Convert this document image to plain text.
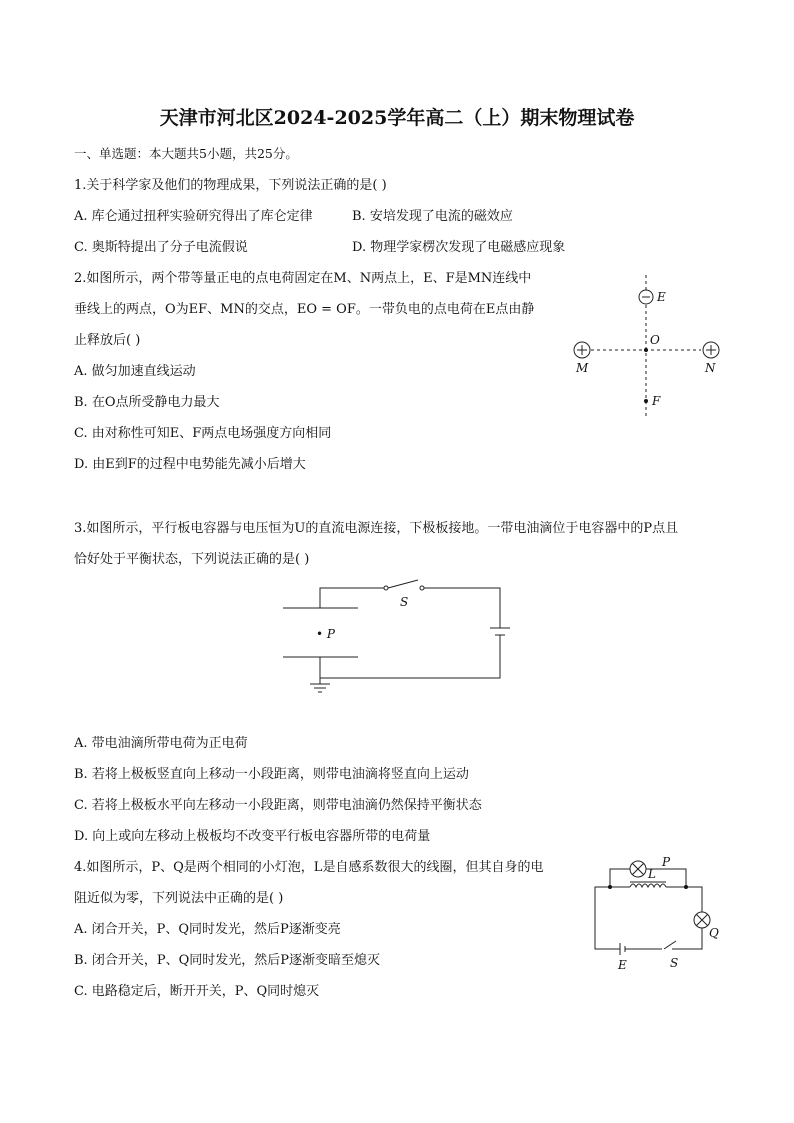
天津市河北区2024-2025学年高二（上）期末物理试卷
一、单选题：本大题共5小题，共25分。
1.关于科学家及他们的物理成果，下列说法正确的是( )
A. 库仑通过扭秤实验研究得出了库仑定律	B. 安培发现了电流的磁效应
C. 奥斯特提出了分子电流假说	D. 物理学家楞次发现了电磁感应现象
2.如图所示，两个带等量正电的点电荷固定在M、N两点上，E、F是MN连线中
垂线上的两点，O为EF、MN的交点，EO = OF。一带负电的点电荷在E点由静
止释放后( )
A. 做匀加速直线运动
B. 在O点所受静电力最大
C. 由对称性可知E、F两点电场强度方向相同
D. 由E到F的过程中电势能先减小后增大
E
O
M	N
F
3.如图所示，平行板电容器与电压恒为U的直流电源连接，下极板接地。一带电油滴位于电容器中的P点且
恰好处于平衡状态，下列说法正确的是( )
S
• P
A. 带电油滴所带电荷为正电荷
B. 若将上极板竖直向上移动一小段距离，则带电油滴将竖直向上运动
C. 若将上极板水平向左移动一小段距离，则带电油滴仍然保持平衡状态
D. 向上或向左移动上极板均不改变平行板电容器所带的电荷量
4.如图所示，P、Q是两个相同的小灯泡，L是自感系数很大的线圈，但其自身的电
阻近似为零，下列说法中正确的是( )
A. 闭合开关，P、Q同时发光，然后P逐渐变亮
B. 闭合开关，P、Q同时发光，然后P逐渐变暗至熄灭
C. 电路稳定后，断开开关，P、Q同时熄灭
P
L
Q
E	S
